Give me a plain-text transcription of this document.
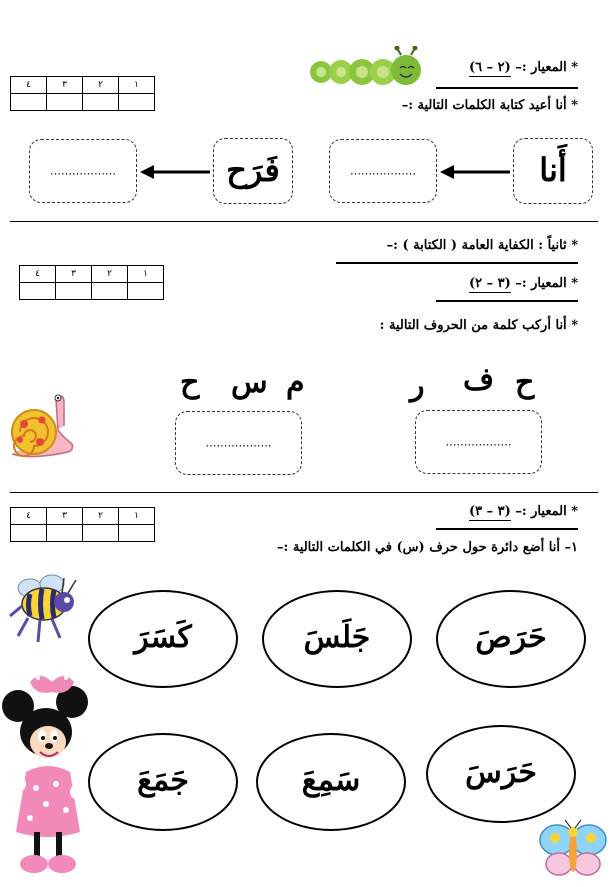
* المعيار :– (٢ – ٦)
٤	٣	٢	١

* أنا أعيد كتابة الكلمات التالية :–
أَنا
………………
فَرَح
………………
* ثانياً : الكفاية العامة ( الكتابة ) :–
٤	٣	٢	١

* المعيار :– (٣ – ٢)
* أنا أركب كلمة من الحروف التالية :
ح
ف
ر
م
س
ح
………………
………………
٤	٣	٢	١
				* المعيار :– (٣ – ٣)
١– أنا أضع دائرة حول حرف (س) في الكلمات التالية :–
حَرَصَ
جَلَسَ
كَسَرَ
حَرَسَ
سَمِعَ
جَمَعَ
